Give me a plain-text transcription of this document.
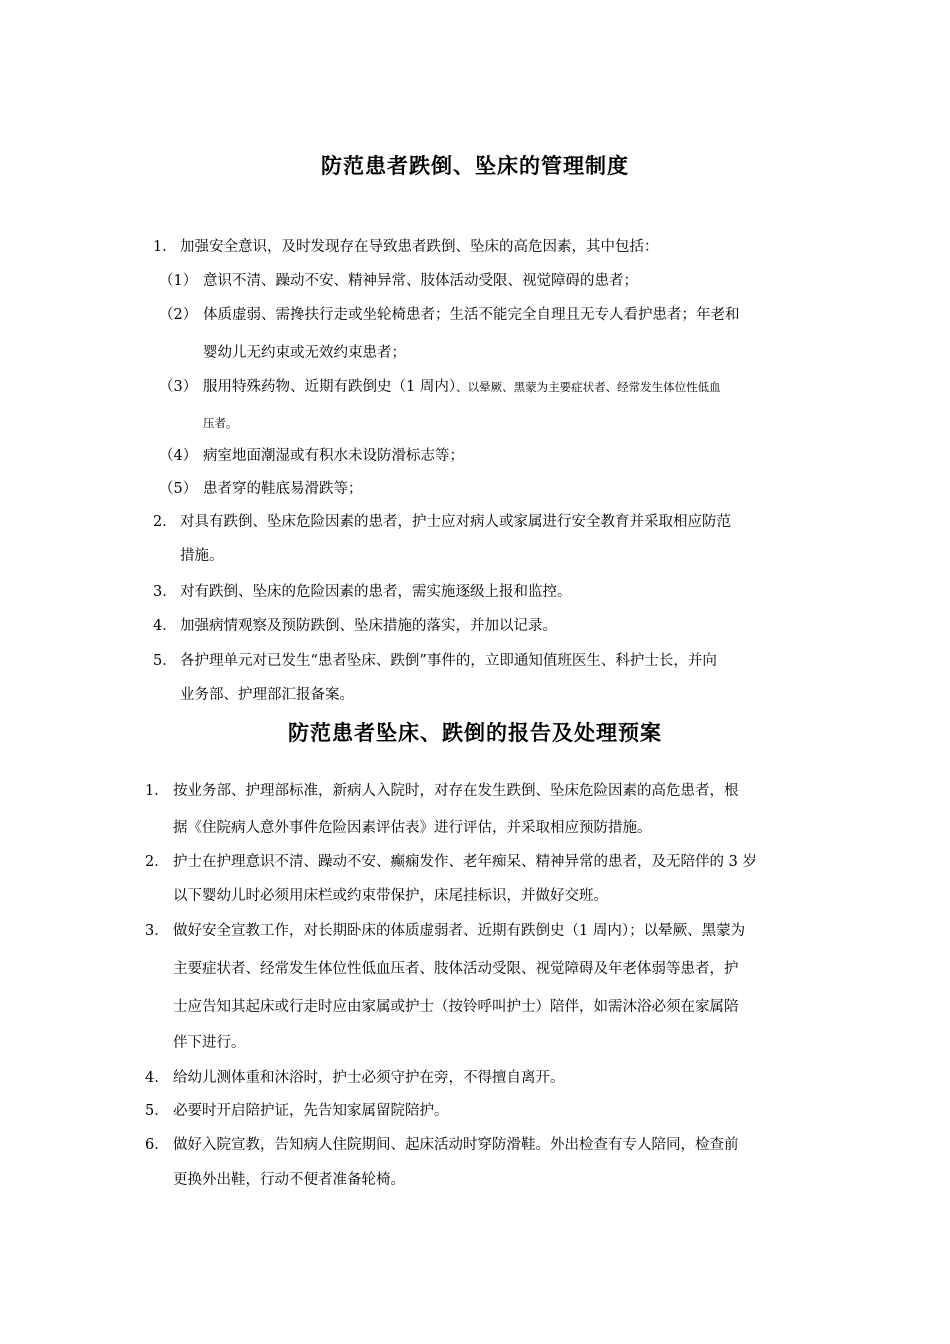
防范患者跌倒、坠床的管理制度
1． 加强安全意识，及时发现存在导致患者跌倒、坠床的高危因素，其中包括：
（1） 意识不清、躁动不安、精神异常、肢体活动受限、视觉障碍的患者；
（2） 体质虚弱、需搀扶行走或坐轮椅患者；生活不能完全自理且无专人看护患者；年老和
婴幼儿无约束或无效约束患者；
（3） 服用特殊药物、近期有跌倒史（1 周内）、以晕厥、黑蒙为主要症状者、经常发生体位性低血
压者。
（4） 病室地面潮湿或有积水未设防滑标志等；
（5） 患者穿的鞋底易滑跌等；
2． 对具有跌倒、坠床危险因素的患者，护士应对病人或家属进行安全教育并采取相应防范
措施。
3． 对有跌倒、坠床的危险因素的患者，需实施逐级上报和监控。
4． 加强病情观察及预防跌倒、坠床措施的落实，并加以记录。
5． 各护理单元对已发生“患者坠床、跌倒”事件的，立即通知值班医生、科护士长，并向
业务部、护理部汇报备案。
防范患者坠床、跌倒的报告及处理预案
1． 按业务部、护理部标准，新病人入院时，对存在发生跌倒、坠床危险因素的高危患者，根
据《住院病人意外事件危险因素评估表》进行评估，并采取相应预防措施。
2． 护士在护理意识不清、躁动不安、癫痫发作、老年痴呆、精神异常的患者，及无陪伴的 3 岁
以下婴幼儿时必须用床栏或约束带保护，床尾挂标识，并做好交班。
3． 做好安全宣教工作，对长期卧床的体质虚弱者、近期有跌倒史（1 周内）；以晕厥、黑蒙为
主要症状者、经常发生体位性低血压者、肢体活动受限、视觉障碍及年老体弱等患者，护
士应告知其起床或行走时应由家属或护士（按铃呼叫护士）陪伴，如需沐浴必须在家属陪
伴下进行。
4． 给幼儿测体重和沐浴时，护士必须守护在旁，不得擅自离开。
5． 必要时开启陪护证，先告知家属留院陪护。
6． 做好入院宣教，告知病人住院期间、起床活动时穿防滑鞋。外出检查有专人陪同，检查前
更换外出鞋，行动不便者准备轮椅。
